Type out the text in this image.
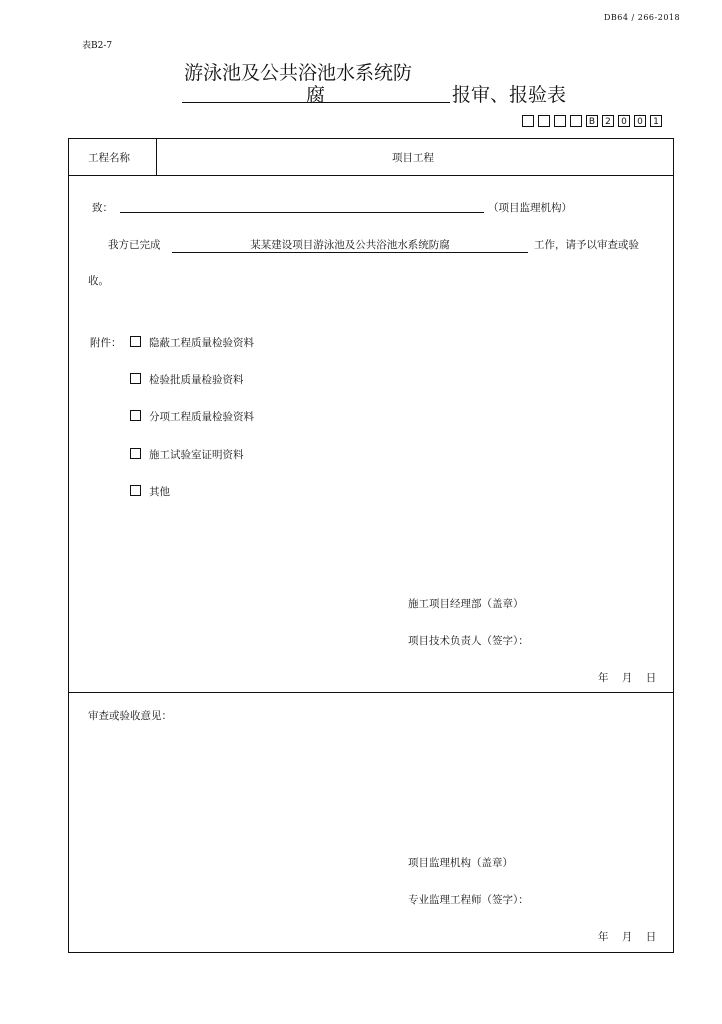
DB64 / 266-2018
表B2-7
游泳池及公共浴池水系统防
腐	报审、报验表
B	2	0	0	1
工程名称	项目工程
致：	（项目监理机构）
我方已完成	某某建设项目游泳池及公共浴池水系统防腐	工作，请予以审查或验
收。
附件：	隐蔽工程质量检验资料
检验批质量检验资料
分项工程质量检验资料
施工试验室证明资料
其他
施工项目经理部（盖章）
项目技术负责人（签字）：
年    月    日
审查或验收意见：
项目监理机构（盖章）
专业监理工程师（签字）：
年    月    日
